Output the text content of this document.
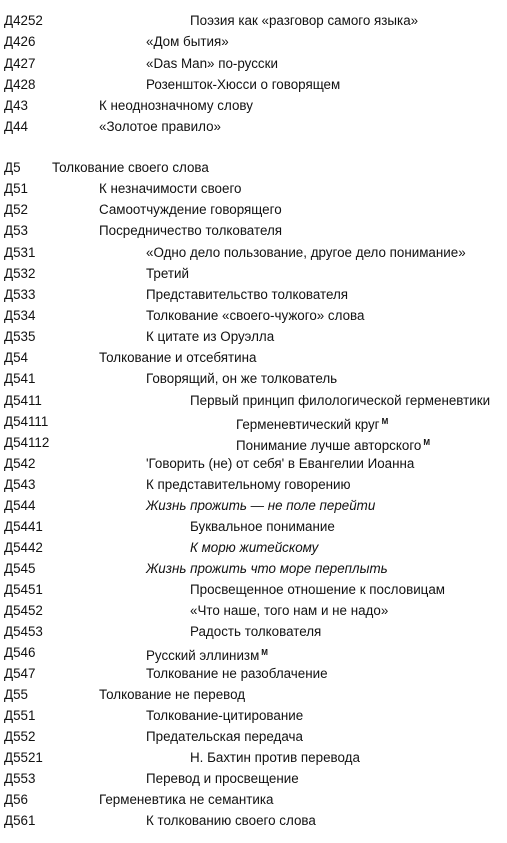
Д4252	Поэзия как «разговор самого языка»
Д426	«Дом бытия»
Д427	«Das Man» по-русски
Д428	Розеншток-Хюсси о говорящем
Д43	К неоднозначному слову
Д44	«Золотое правило»
Д5 Толкование своего слова
Д51	К незначимости своего
Д52	Самоотчуждение говорящего
Д53	Посредничество толкователя
Д531	«Одно дело пользование, другое дело понимание»
Д532	Третий
Д533	Представительство толкователя
Д534	Толкование «своего-чужого» слова
Д535	К цитате из Оруэлла
Д54	Толкование и отсебятина
Д541	Говорящий, он же толкователь
Д5411	Первый принцип филологической герменевтики
Д54111	Герменевтический круг $^М$
Д54112	Понимание лучше авторского $^М$
Д542	'Говорить (не) от себя' в Евангелии Иоанна
Д543	К представительному говорению
Д544	Жизнь прожить — не поле перейти
Д5441	Буквальное понимание
Д5442	К морю житейскому
Д545	Жизнь прожить что море переплыть
Д5451	Просвещенное отношение к пословицам
Д5452	«Что наше, того нам и не надо»
Д5453	Радость толкователя
Д546	Русский эллинизм $^М$
Д547	Толкование не разоблачение
Д55	Толкование не перевод
Д551	Толкование-цитирование
Д552	Предательская передача
Д5521	Н. Бахтин против перевода
Д553	Перевод и просвещение
Д56	Герменевтика не семантика
Д561	К толкованию своего слова
